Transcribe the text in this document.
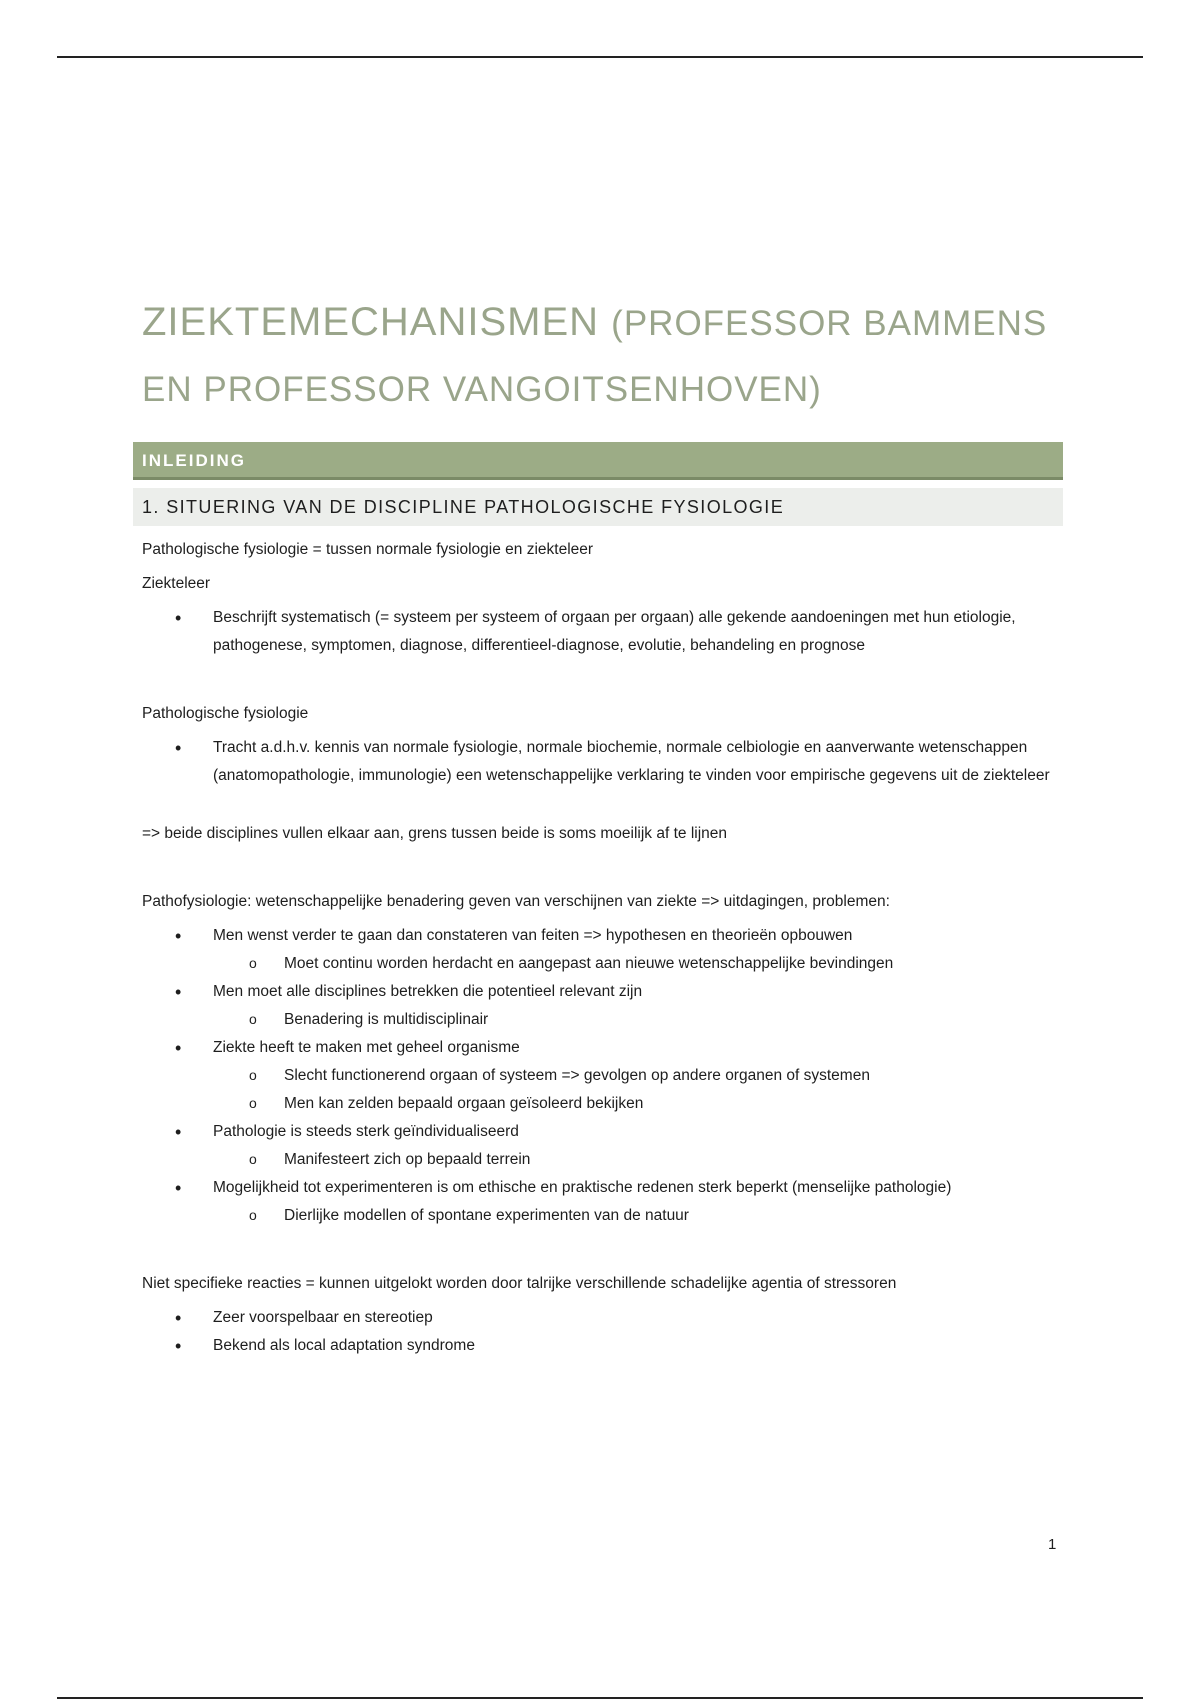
ZIEKTEMECHANISMEN (PROFESSOR BAMMENS EN PROFESSOR VANGOITSENHOVEN)
INLEIDING
1. SITUERING VAN DE DISCIPLINE PATHOLOGISCHE FYSIOLOGIE

Pathologische fysiologie = tussen normale fysiologie en ziekteleer

Ziekteleer

• Beschrijft systematisch (= systeem per systeem of orgaan per orgaan) alle gekende aandoeningen met hun etiologie, pathogenese, symptomen, diagnose, differentieel-diagnose, evolutie, behandeling en prognose

Pathologische fysiologie

• Tracht a.d.h.v. kennis van normale fysiologie, normale biochemie, normale celbiologie en aanverwante wetenschappen (anatomopathologie, immunologie) een wetenschappelijke verklaring te vinden voor empirische gegevens uit de ziekteleer

=> beide disciplines vullen elkaar aan, grens tussen beide is soms moeilijk af te lijnen

Pathofysiologie: wetenschappelijke benadering geven van verschijnen van ziekte => uitdagingen, problemen:

• Men wenst verder te gaan dan constateren van feiten => hypothesen en theorieën opbouwen
o Moet continu worden herdacht en aangepast aan nieuwe wetenschappelijke bevindingen
• Men moet alle disciplines betrekken die potentieel relevant zijn
o Benadering is multidisciplinair
• Ziekte heeft te maken met geheel organisme
o Slecht functionerend orgaan of systeem => gevolgen op andere organen of systemen
o Men kan zelden bepaald orgaan geïsoleerd bekijken
• Pathologie is steeds sterk geïndividualiseerd
o Manifesteert zich op bepaald terrein
• Mogelijkheid tot experimenteren is om ethische en praktische redenen sterk beperkt (menselijke pathologie)
o Dierlijke modellen of spontane experimenten van de natuur

Niet specifieke reacties = kunnen uitgelokt worden door talrijke verschillende schadelijke agentia of stressoren

• Zeer voorspelbaar en stereotiep
• Bekend als local adaptation syndrome
1
